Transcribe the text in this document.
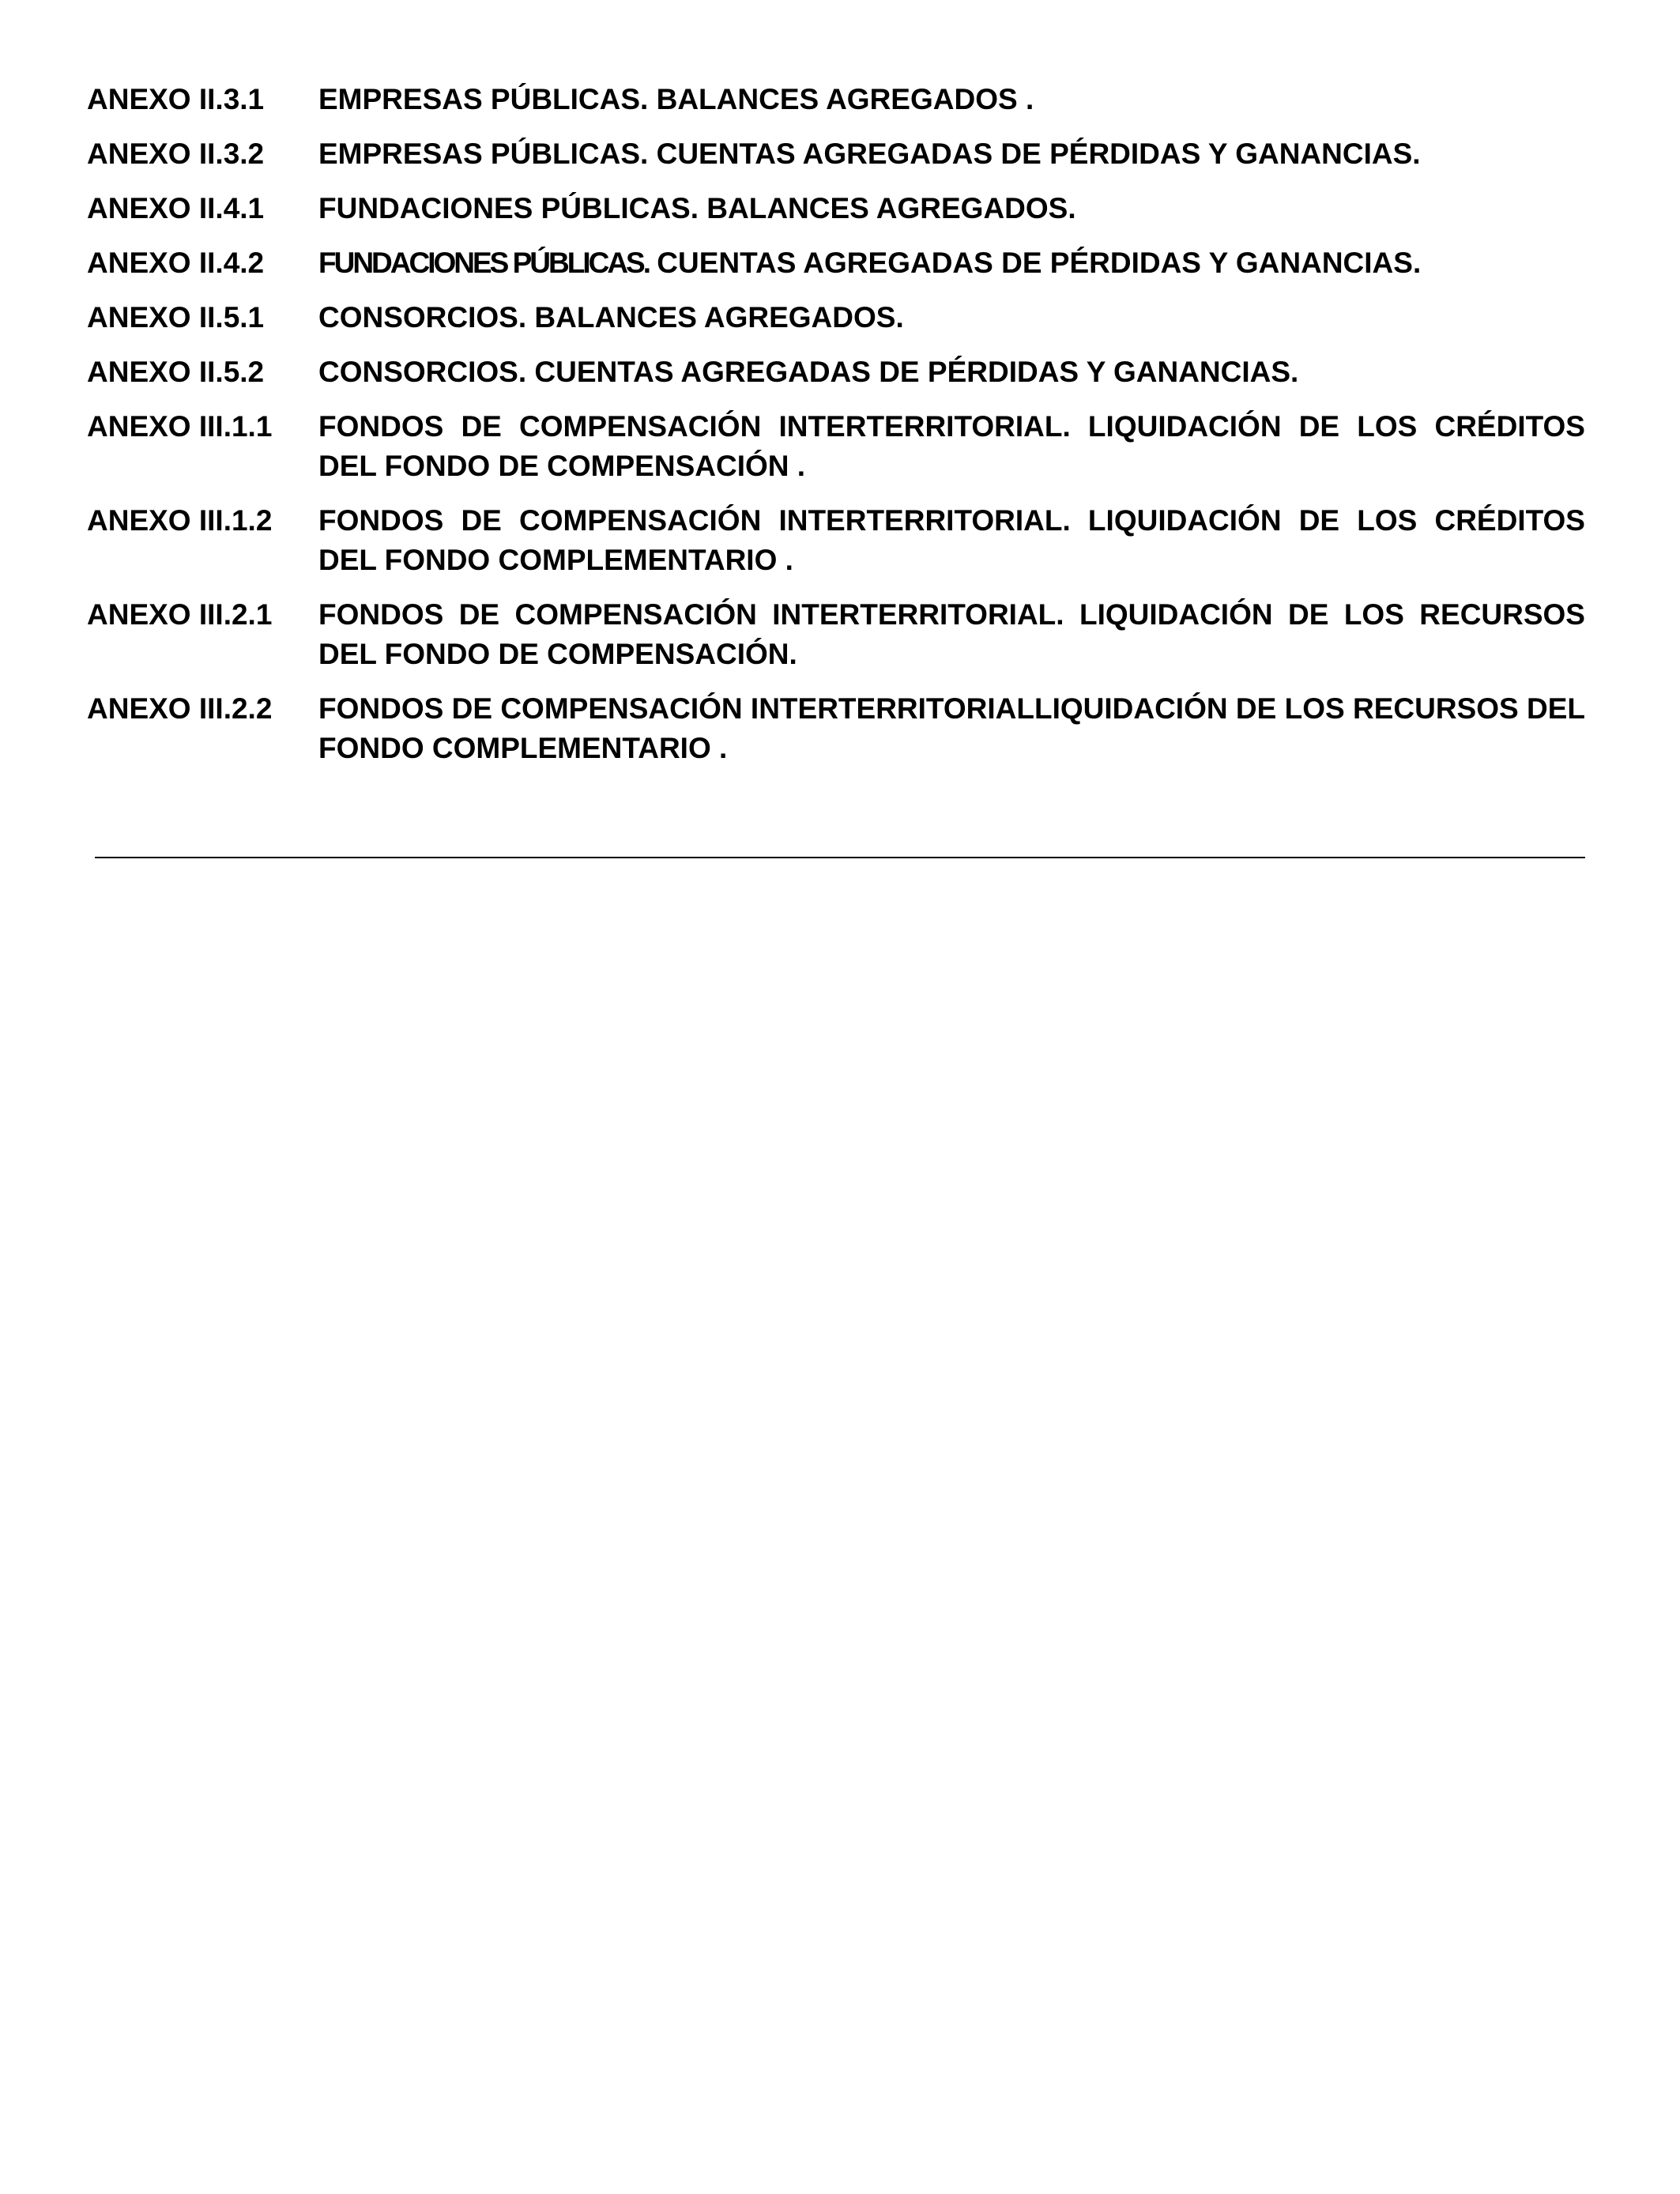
ANEXO II.3.1	EMPRESAS PÚBLICAS. BALANCES AGREGADOS .
ANEXO II.3.2	EMPRESAS PÚBLICAS. CUENTAS AGREGADAS DE PÉRDIDAS Y GANANCIAS.
ANEXO II.4.1	FUNDACIONES PÚBLICAS. BALANCES AGREGADOS.
ANEXO II.4.2	FUNDACIONES PÚBLICAS. CUENTAS AGREGADAS DE PÉRDIDAS Y GANANCIAS.
ANEXO II.5.1	CONSORCIOS. BALANCES AGREGADOS.
ANEXO II.5.2	CONSORCIOS. CUENTAS AGREGADAS DE PÉRDIDAS Y GANANCIAS.
ANEXO III.1.1	FONDOS DE COMPENSACIÓN INTERTERRITORIAL. LIQUIDACIÓN DE LOS CRÉDITOS DEL FONDO DE COMPENSACIÓN .
ANEXO III.1.2	FONDOS DE COMPENSACIÓN INTERTERRITORIAL. LIQUIDACIÓN DE LOS CRÉDITOS DEL FONDO COMPLEMENTARIO .
ANEXO III.2.1	FONDOS DE COMPENSACIÓN INTERTERRITORIAL. LIQUIDACIÓN DE LOS RECURSOS DEL FONDO DE COMPENSACIÓN.
ANEXO III.2.2	FONDOS DE COMPENSACIÓN INTERTERRITORIALLIQUIDACIÓN DE LOS RECURSOS DEL FONDO COMPLEMENTARIO .
